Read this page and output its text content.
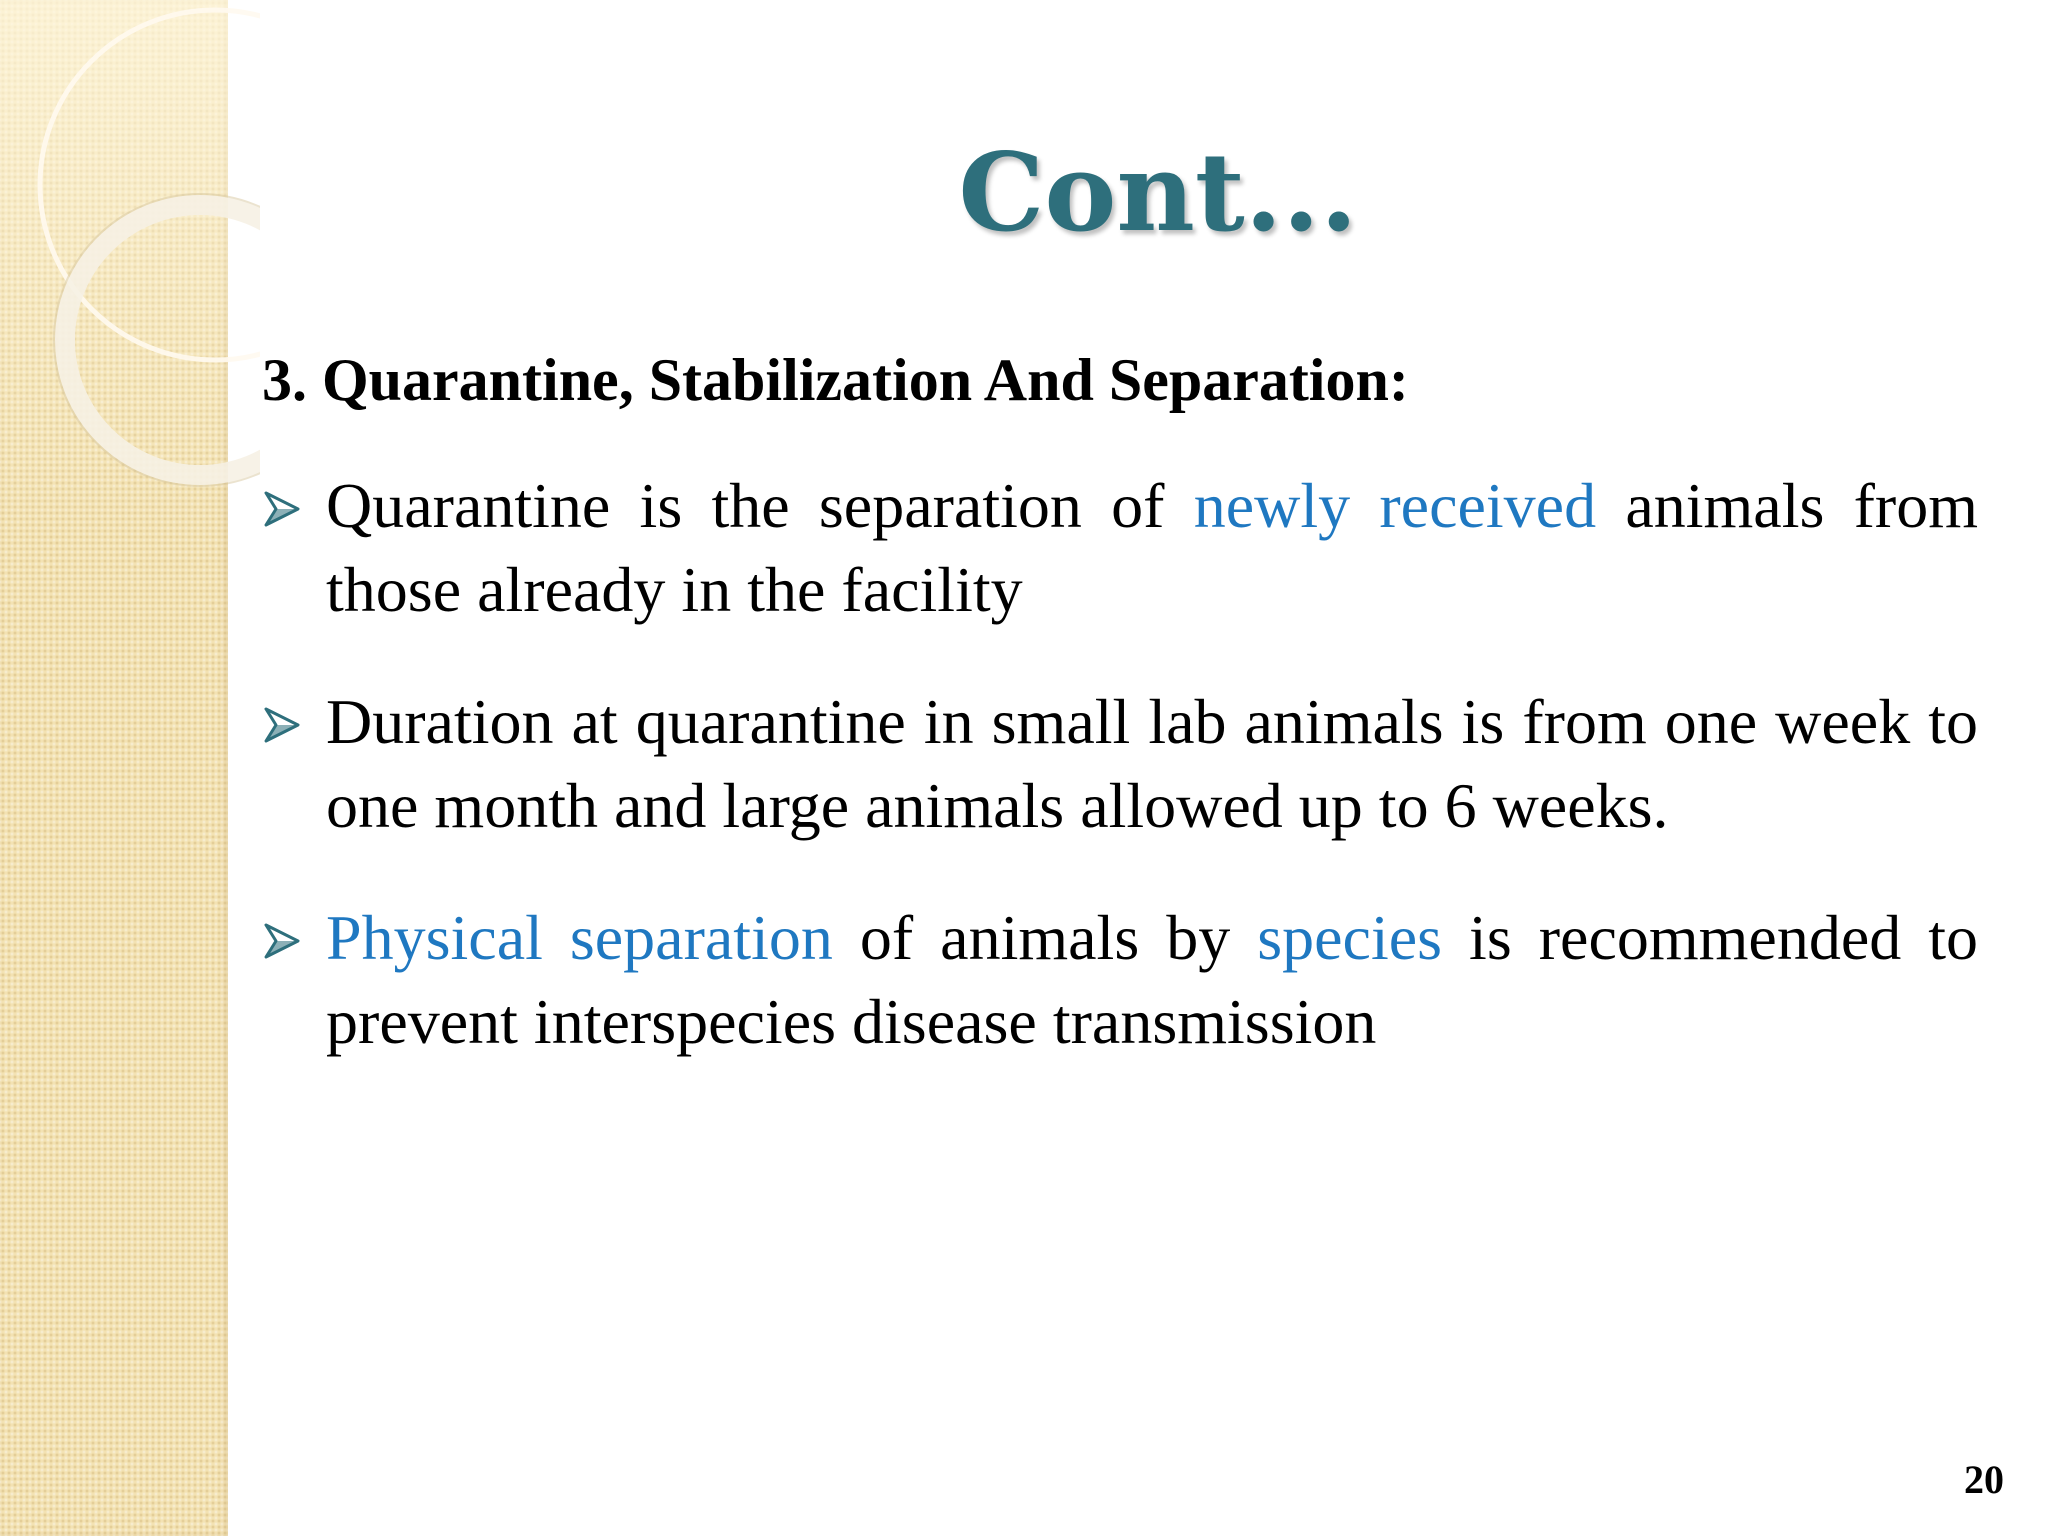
Cont...

3. Quarantine, Stabilization And Separation:

Quarantine is the separation of newly received animals from those already in the facility
Duration at quarantine in small lab animals is from one week to one month and large animals allowed up to 6 weeks.
Physical separation of animals by species is recommended to prevent interspecies disease transmission
20
